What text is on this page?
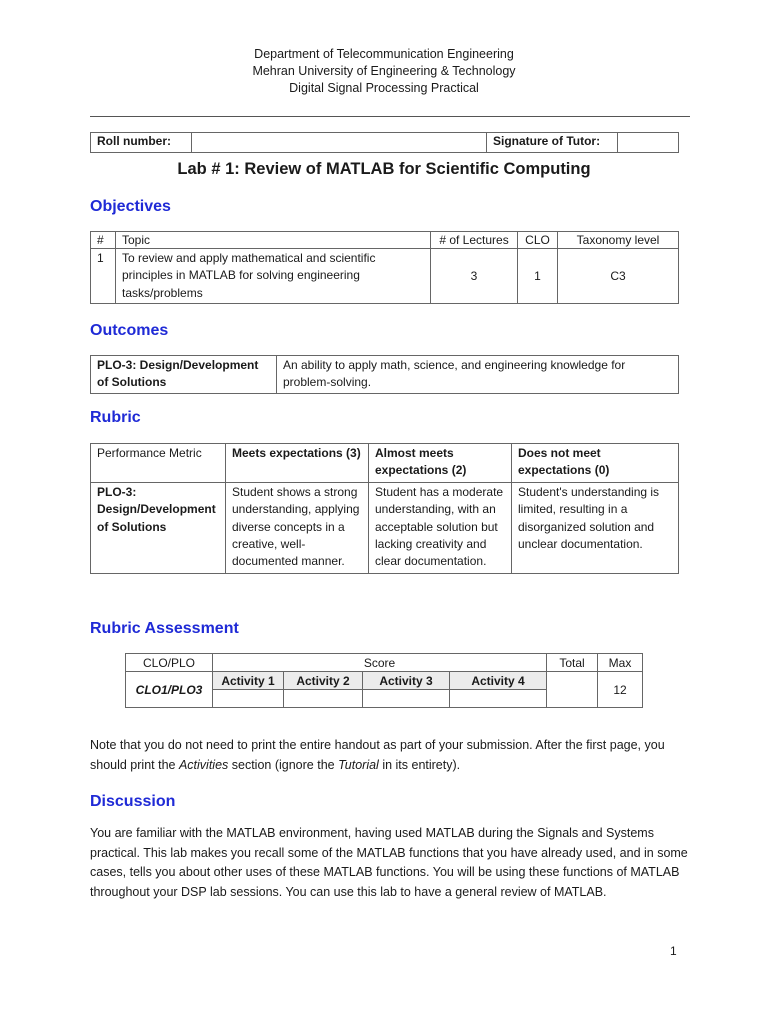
Department of Telecommunication Engineering
Mehran University of Engineering & Technology
Digital Signal Processing Practical
Roll number:		Signature of Tutor:	
Lab # 1: Review of MATLAB for Scientific Computing
Objectives
#	Topic	# of Lectures	CLO	Taxonomy level
1	To review and apply mathematical and scientific principles in MATLAB for solving engineering tasks/problems	3	1	C3
Outcomes
PLO-3: Design/Development of Solutions	An ability to apply math, science, and engineering knowledge for problem-solving.
Rubric
Performance Metric	Meets expectations (3)	Almost meets expectations (2)	Does not meet expectations (0)
PLO-3: Design/Development of Solutions	Student shows a strong understanding, applying diverse concepts in a creative, well-documented manner.	Student has a moderate understanding, with an acceptable solution but lacking creativity and clear documentation.	Student's understanding is limited, resulting in a disorganized solution and unclear documentation.
Rubric Assessment
CLO/PLO	Score				Total	Max
CLO1/PLO3	Activity 1	Activity 2	Activity 3	Activity 4		12

Note that you do not need to print the entire handout as part of your submission. After the first page, you should print the Activities section (ignore the Tutorial in its entirety).
Discussion
You are familiar with the MATLAB environment, having used MATLAB during the Signals and Systems practical. This lab makes you recall some of the MATLAB functions that you have already used, and in some cases, tells you about other uses of these MATLAB functions. You will be using these functions of MATLAB throughout your DSP lab sessions. You can use this lab to have a general review of MATLAB.
1
